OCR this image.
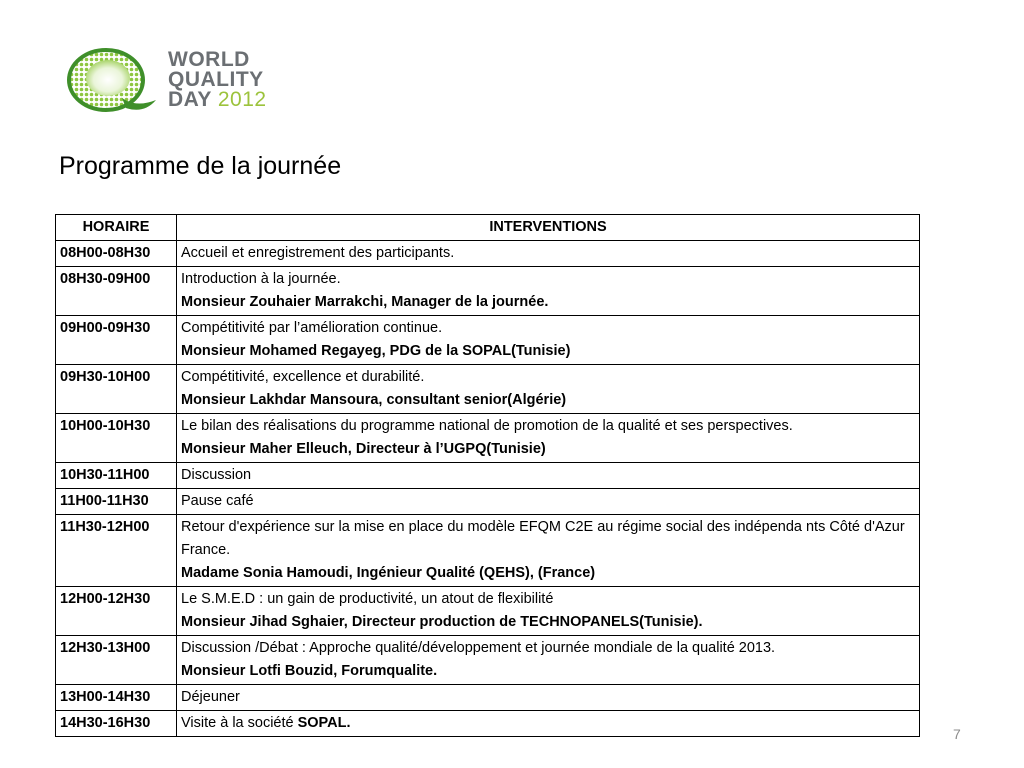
WORLD
QUALITY
DAY 2012
Programme de la journée
HORAIRE	INTERVENTIONS
08H00-08H30	Accueil et enregistrement des participants.

08H30-09H00	Introduction à la journée.
Monsieur Zouhaier Marrakchi, Manager de la journée.

09H00-09H30	Compétitivité par l’amélioration continue.
Monsieur Mohamed Regayeg, PDG de la SOPAL(Tunisie)

09H30-10H00	Compétitivité, excellence et durabilité.
Monsieur Lakhdar Mansoura, consultant senior(Algérie)

10H00-10H30	Le bilan des réalisations du programme national de promotion de la qualité et ses perspectives.
Monsieur Maher Elleuch, Directeur à l’UGPQ(Tunisie)

10H30-11H00	Discussion

11H00-11H30	Pause café

11H30-12H00	Retour d'expérience sur la mise en place du modèle EFQM C2E au régime social des indépenda nts Côté d'Azur France.
Madame Sonia Hamoudi, Ingénieur Qualité (QEHS), (France)

12H00-12H30	Le S.M.E.D : un gain de productivité, un atout de flexibilité
Monsieur Jihad Sghaier, Directeur production de TECHNOPANELS(Tunisie).

12H30-13H00	Discussion /Débat : Approche qualité/développement et journée mondiale de la qualité 2013.
Monsieur Lotfi Bouzid, Forumqualite.

13H00-14H30	Déjeuner

14H30-16H30	Visite à la société SOPAL.
7
